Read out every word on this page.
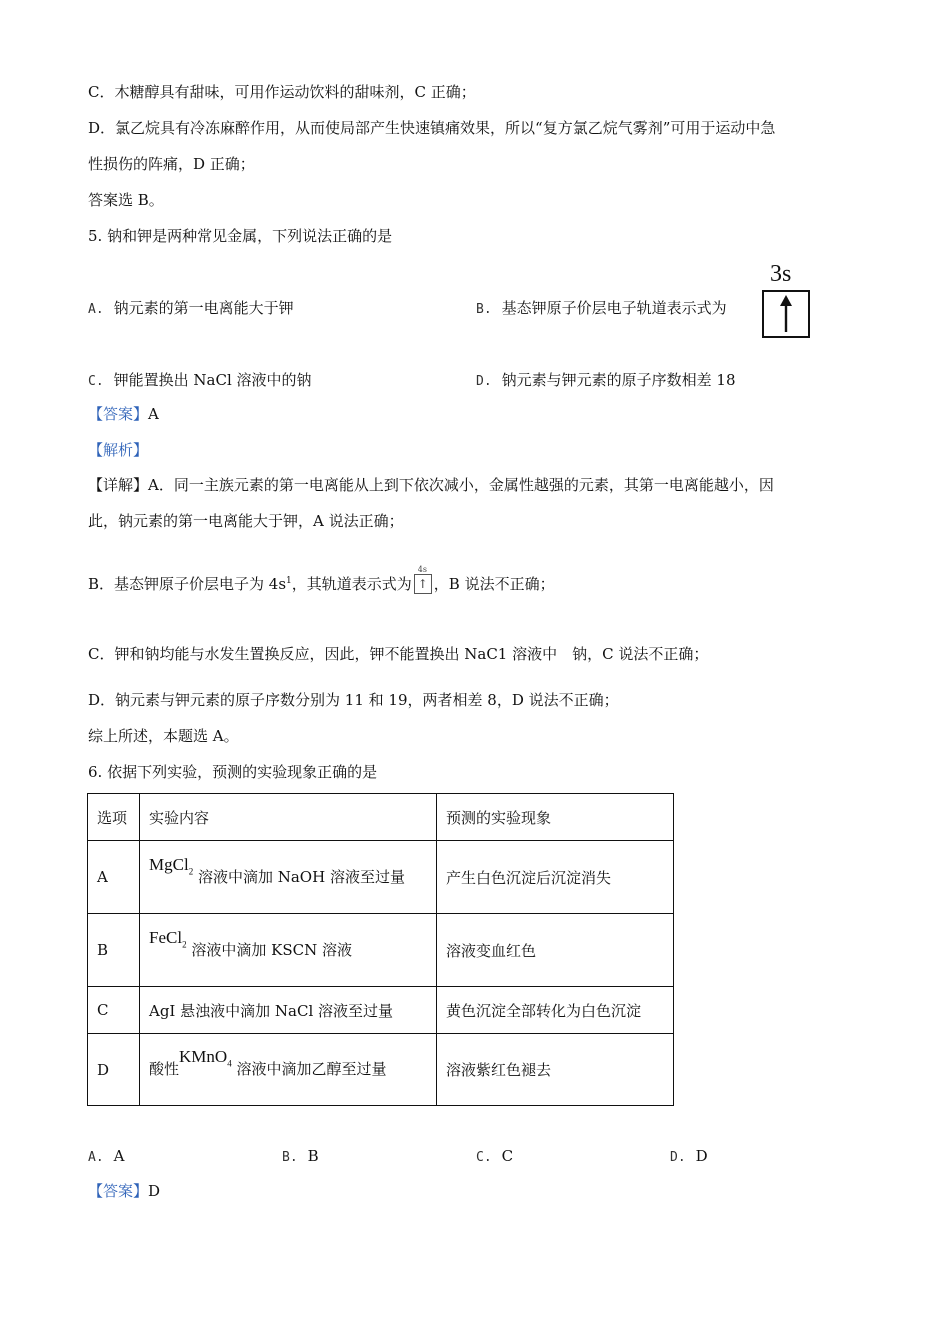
C．木糖醇具有甜味，可用作运动饮料的甜味剂，C 正确；
D．氯乙烷具有冷冻麻醉作用，从而使局部产生快速镇痛效果，所以“复方氯乙烷气雾剂”可用于运动中急
性损伤的阵痛，D 正确；
答案选 B。
5. 钠和钾是两种常见金属，下列说法正确的是
A. 钠元素的第一电离能大于钾	B. 基态钾原子价层电子轨道表示式为
3s
C. 钾能置换出 NaCl 溶液中的钠	D. 钠元素与钾元素的原子序数相差 18
【答案】A
【解析】
【详解】A．同一主族元素的第一电离能从上到下依次减小，金属性越强的元素，其第一电离能越小，因
此，钠元素的第一电离能大于钾，A 说法正确；
B．基态钾原子价层电子为 $4s^1$，其轨道表示式为
4s
↑ ，B 说法不正确；
C．钾和钠均能与水发生置换反应，因此，钾不能置换出 NaC1 溶液中　钠，C 说法不正确；
D．钠元素与钾元素的原子序数分别为 11 和 19，两者相差 8，D 说法不正确；
综上所述，本题选 A。
6. 依据下列实验，预测的实验现象正确的是
选项	实验内容	预测的实验现象
A	MgCl$_2$ 溶液中滴加 NaOH 溶液至过量	产生白色沉淀后沉淀消失
B	FeCl$_2$ 溶液中滴加 KSCN 溶液	溶液变血红色
C	AgI 悬浊液中滴加 NaCl 溶液至过量	黄色沉淀全部转化为白色沉淀
D	酸性KMnO$_4$ 溶液中滴加乙醇至过量	溶液紫红色褪去
A. A	B. B	C. C	D. D
【答案】D
